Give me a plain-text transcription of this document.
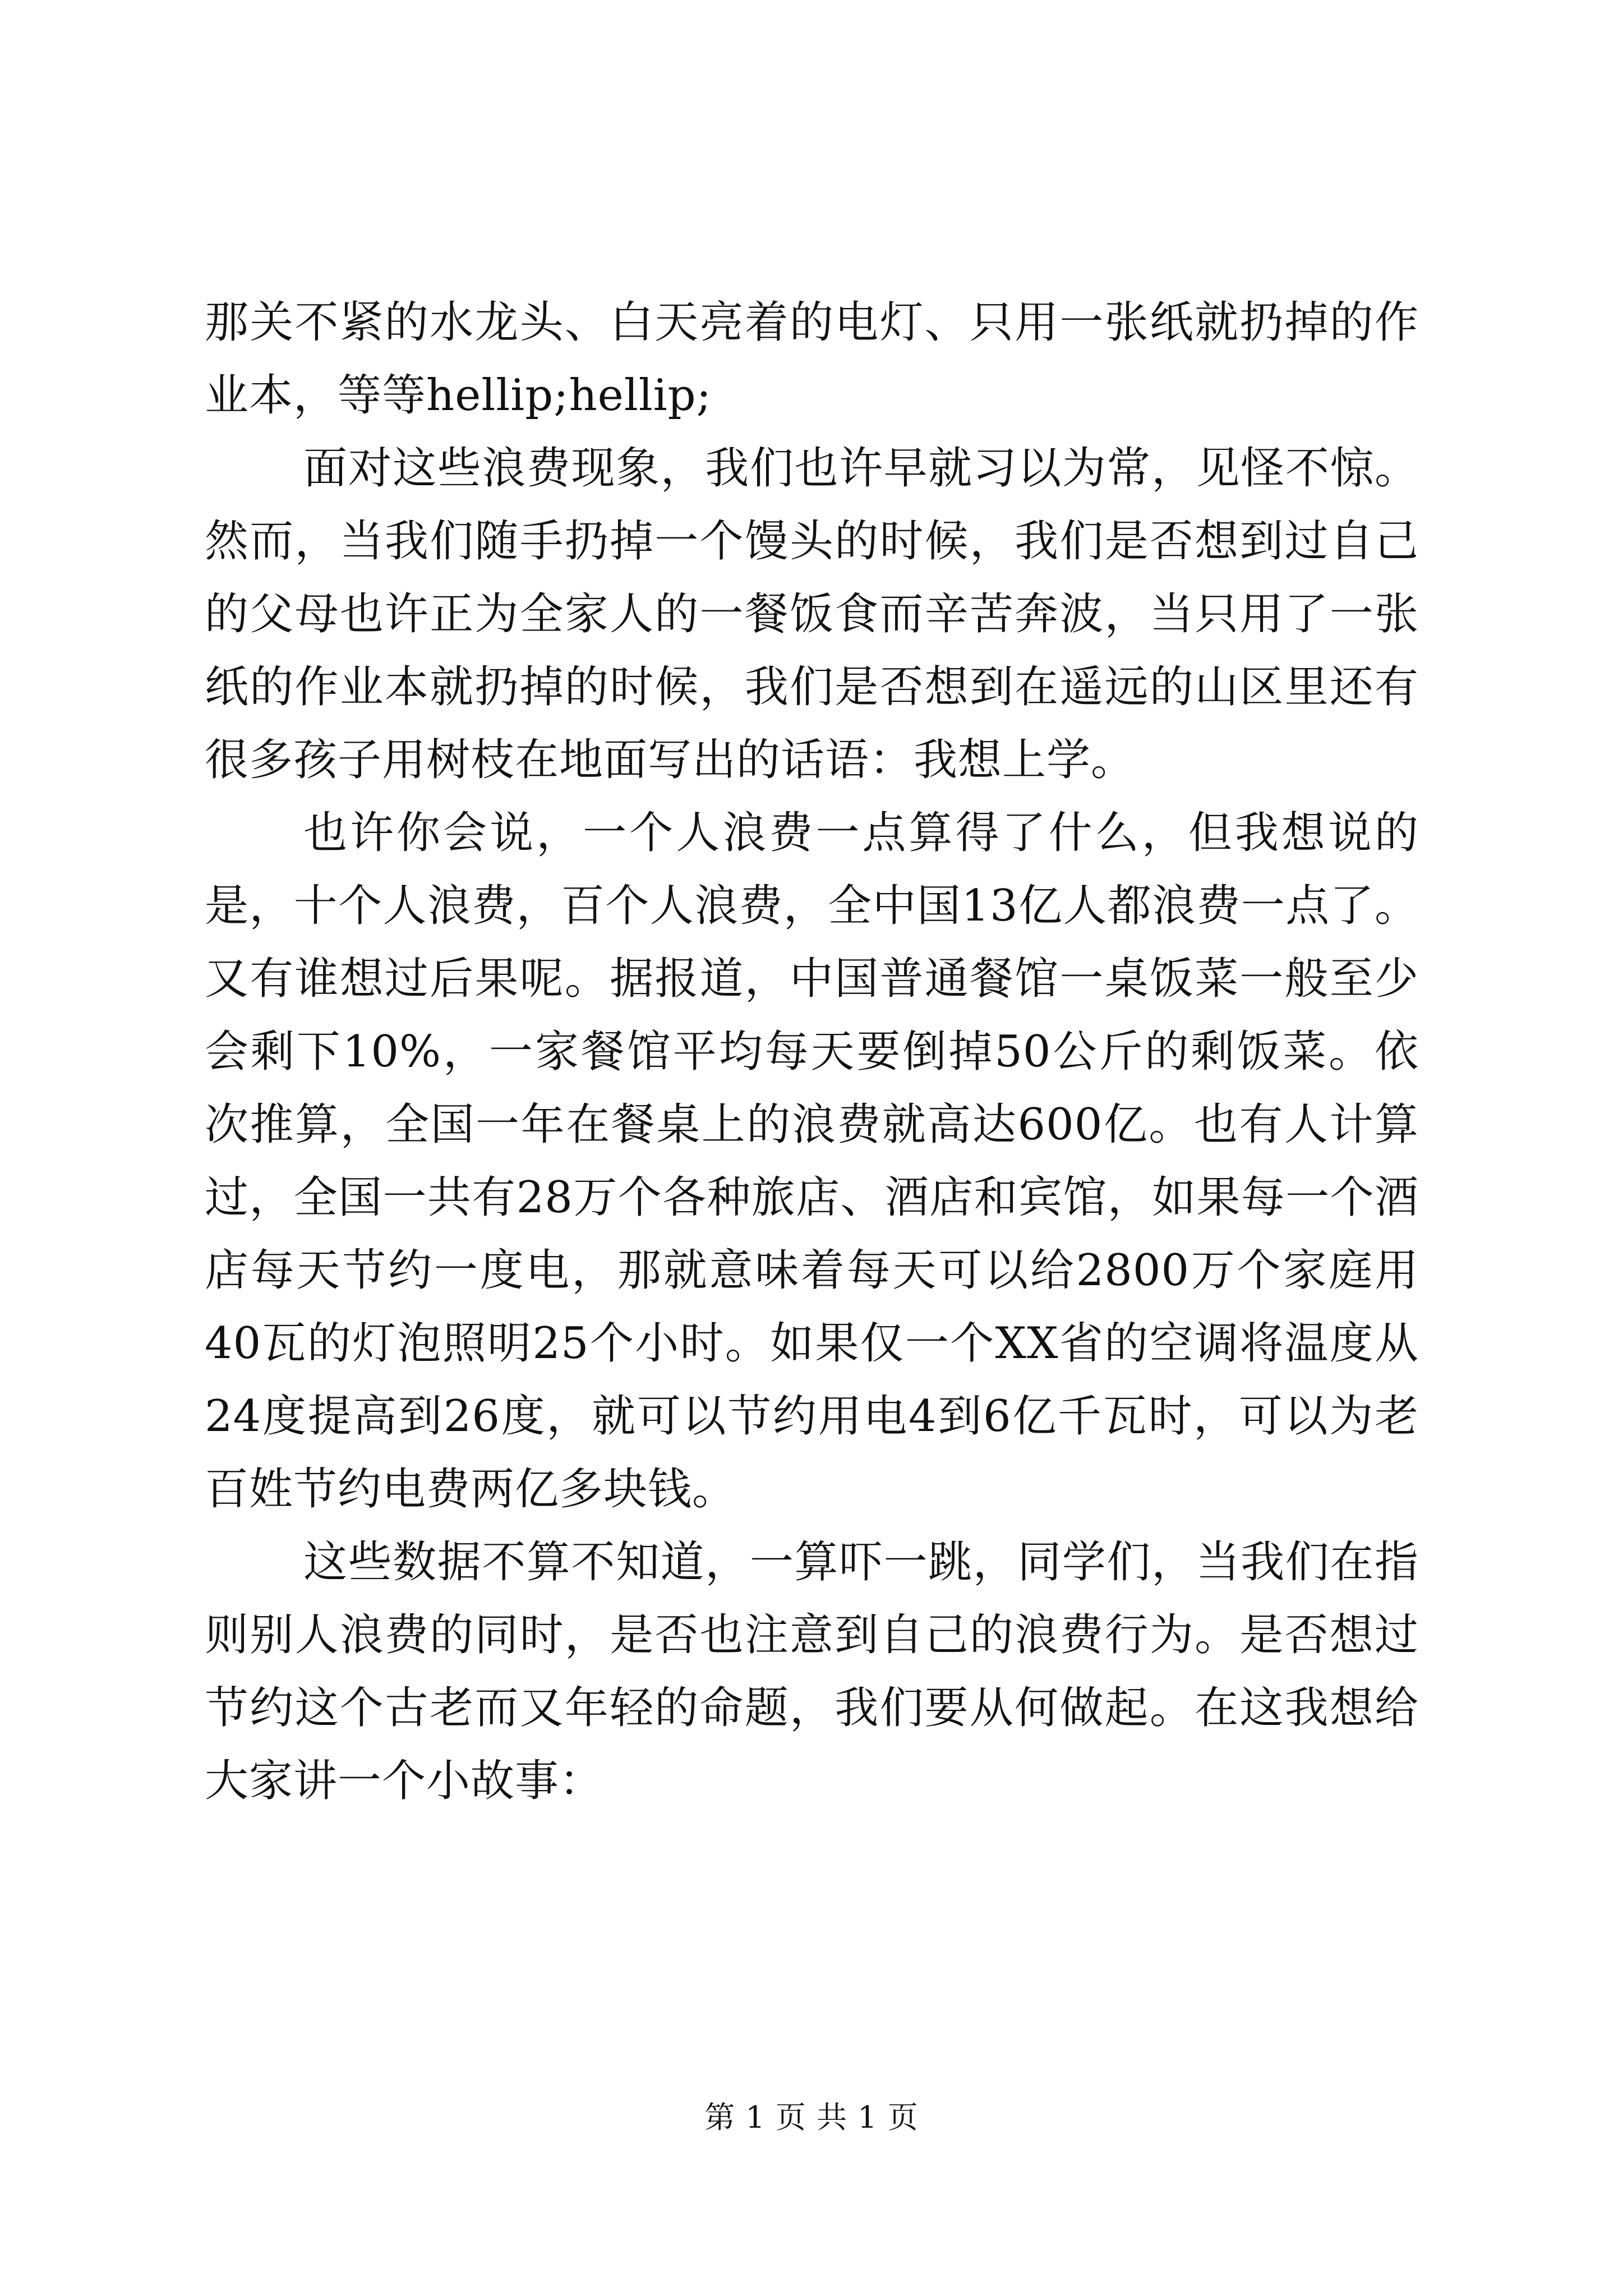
那关不紧的水龙头、白天亮着的电灯、只用一张纸就扔掉的作业本，等等hellip;hellip;

面对这些浪费现象，我们也许早就习以为常，见怪不惊。然而，当我们随手扔掉一个馒头的时候，我们是否想到过自己的父母也许正为全家人的一餐饭食而辛苦奔波，当只用了一张纸的作业本就扔掉的时候，我们是否想到在遥远的山区里还有很多孩子用树枝在地面写出的话语：我想上学。

也许你会说，一个人浪费一点算得了什么，但我想说的是，十个人浪费，百个人浪费，全中国13亿人都浪费一点了。又有谁想过后果呢。据报道，中国普通餐馆一桌饭菜一般至少会剩下10%，一家餐馆平均每天要倒掉50公斤的剩饭菜。依次推算，全国一年在餐桌上的浪费就高达600亿。也有人计算过，全国一共有28万个各种旅店、酒店和宾馆，如果每一个酒店每天节约一度电，那就意味着每天可以给2800万个家庭用40瓦的灯泡照明25个小时。如果仅一个XX省的空调将温度从24度提高到26度，就可以节约用电4到6亿千瓦时，可以为老百姓节约电费两亿多块钱。

这些数据不算不知道，一算吓一跳，同学们，当我们在指则别人浪费的同时，是否也注意到自己的浪费行为。是否想过节约这个古老而又年轻的命题，我们要从何做起。在这我想给大家讲一个小故事：

第 1 页 共 1 页
